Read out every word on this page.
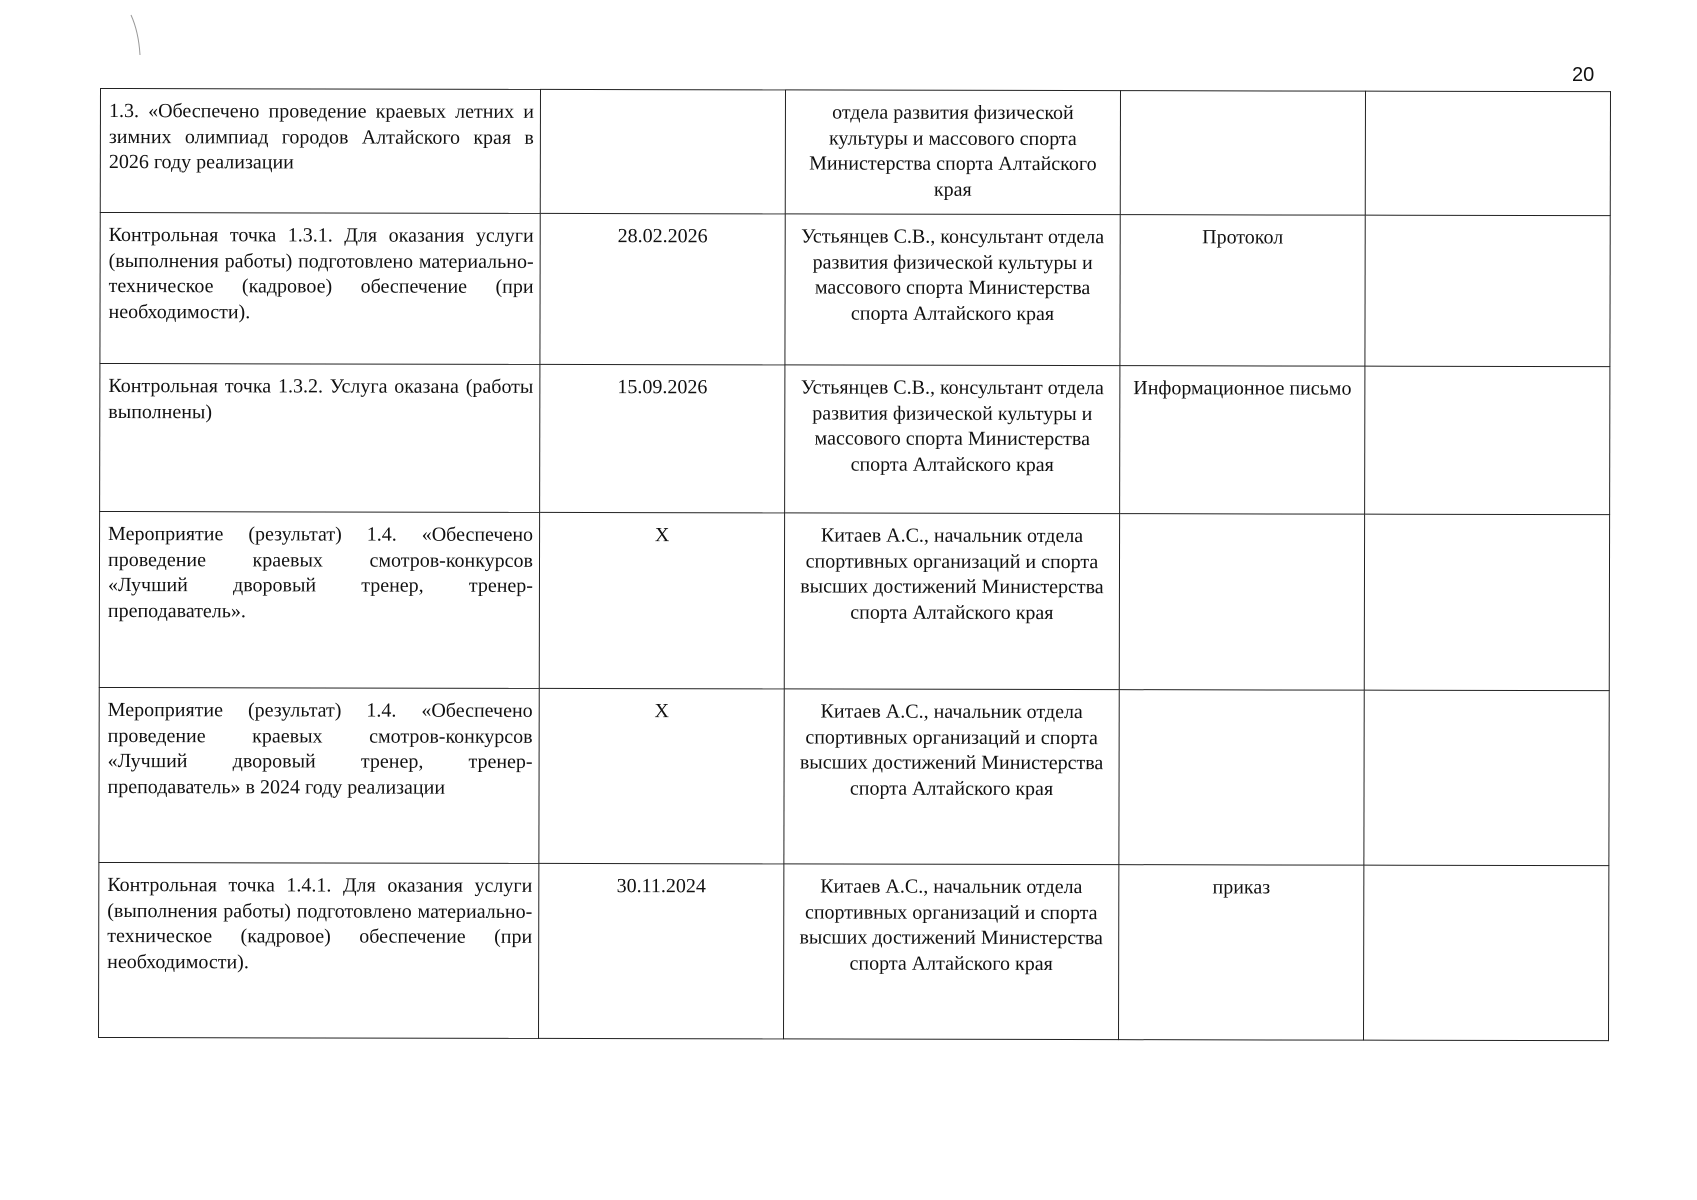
20
1.3. «Обеспечено проведение краевых летних и зимних олимпиад городов Алтайского края в 2026 году реализации		отдела развития физической культуры и массового спорта Министерства спорта Алтайского края		
Контрольная точка 1.3.1. Для оказания услуги (выполнения работы) подготовлено материально-техническое (кадровое) обеспечение (при необходимости).	28.02.2026	Устьянцев С.В., консультант отдела развития физической культуры и массового спорта Министерства спорта Алтайского края	Протокол	
Контрольная точка 1.3.2. Услуга оказана (работы выполнены)	15.09.2026	Устьянцев С.В., консультант отдела развития физической культуры и массового спорта Министерства спорта Алтайского края	Информационное письмо	
Мероприятие (результат) 1.4. «Обеспечено проведение краевых смотров-конкурсов «Лучший дворовый тренер, тренер-преподаватель».	X	Китаев А.С., начальник отдела спортивных организаций и спорта высших достижений Министерства спорта Алтайского края		
Мероприятие (результат) 1.4. «Обеспечено проведение краевых смотров-конкурсов «Лучший дворовый тренер, тренер-преподаватель» в 2024 году реализации	X	Китаев А.С., начальник отдела спортивных организаций и спорта высших достижений Министерства спорта Алтайского края		
Контрольная точка 1.4.1. Для оказания услуги (выполнения работы) подготовлено материально-техническое (кадровое) обеспечение (при необходимости).	30.11.2024	Китаев А.С., начальник отдела спортивных организаций и спорта высших достижений Министерства спорта Алтайского края	приказ	
